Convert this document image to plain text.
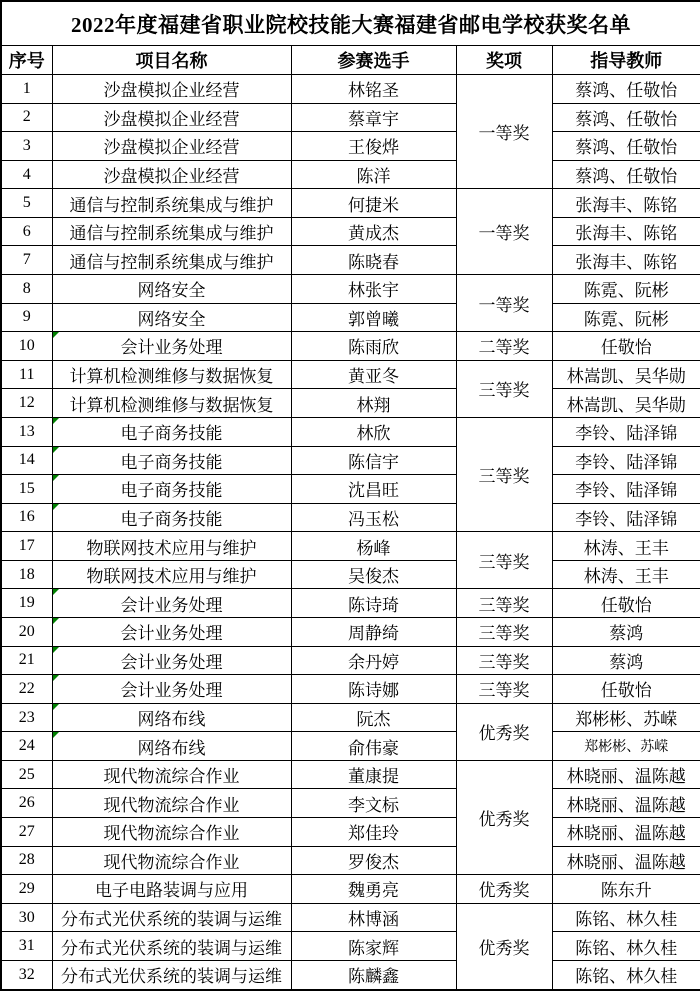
2022年度福建省职业院校技能大赛福建省邮电学校获奖名单				
序号	项目名称	参赛选手	奖项	指导教师
1	沙盘模拟企业经营	林铭圣	一等奖	蔡鸿、任敬怡
2	沙盘模拟企业经营	蔡章宇		蔡鸿、任敬怡
3	沙盘模拟企业经营	王俊烨		蔡鸿、任敬怡
4	沙盘模拟企业经营	陈洋		蔡鸿、任敬怡
5	通信与控制系统集成与维护	何捷米	一等奖	张海丰、陈铭
6	通信与控制系统集成与维护	黄成杰		张海丰、陈铭
7	通信与控制系统集成与维护	陈晓春		张海丰、陈铭
8	网络安全	林张宇	一等奖	陈霓、阮彬
9	网络安全	郭曾曦		陈霓、阮彬
10	会计业务处理	陈雨欣	二等奖	任敬怡
11	计算机检测维修与数据恢复	黄亚冬	三等奖	林嵩凯、吴华勋
12	计算机检测维修与数据恢复	林翔		林嵩凯、吴华勋
13	电子商务技能	林欣	三等奖	李铃、陆泽锦
14	电子商务技能	陈信宇		李铃、陆泽锦
15	电子商务技能	沈昌旺		李铃、陆泽锦
16	电子商务技能	冯玉松		李铃、陆泽锦
17	物联网技术应用与维护	杨峰	三等奖	林涛、王丰
18	物联网技术应用与维护	吴俊杰		林涛、王丰
19	会计业务处理	陈诗琦	三等奖	任敬怡
20	会计业务处理	周静绮	三等奖	蔡鸿
21	会计业务处理	余丹婷	三等奖	蔡鸿
22	会计业务处理	陈诗娜	三等奖	任敬怡
23	网络布线	阮杰	优秀奖	郑彬彬、苏嵘
24	网络布线	俞伟豪		郑彬彬、苏嵘
25	现代物流综合作业	董康提	优秀奖	林晓丽、温陈越
26	现代物流综合作业	李文标		林晓丽、温陈越
27	现代物流综合作业	郑佳玲		林晓丽、温陈越
28	现代物流综合作业	罗俊杰		林晓丽、温陈越
29	电子电路装调与应用	魏勇亮	优秀奖	陈东升
30	分布式光伏系统的装调与运维	林博涵	优秀奖	陈铭、林久桂
31	分布式光伏系统的装调与运维	陈家辉		陈铭、林久桂
32	分布式光伏系统的装调与运维	陈麟鑫		陈铭、林久桂
